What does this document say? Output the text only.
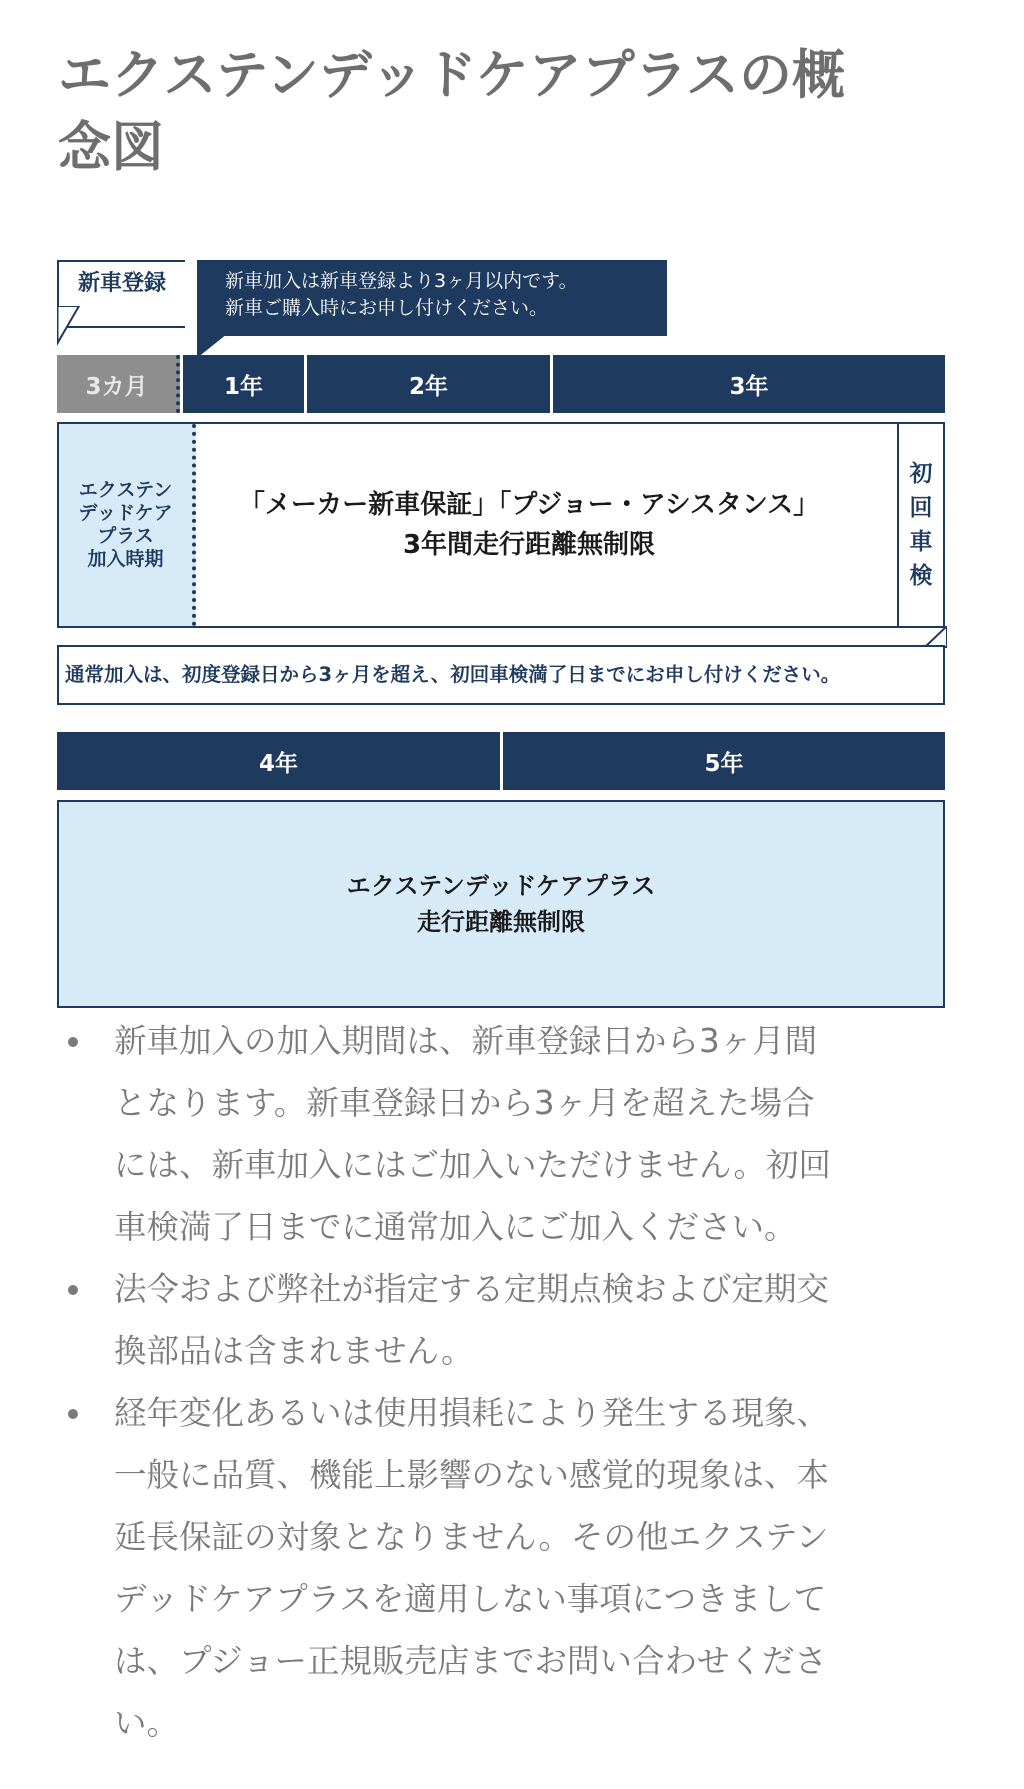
エクステンデッドケアプラスの概
念図
新車登録	新車加入は新車登録より3ヶ月以内です。
新車ご購入時にお申し付けください。
3カ月	1年	2年	3年
エクステン
デッドケア
プラス
加入時期
「メーカー新車保証」「プジョー・アシスタンス」
3年間走行距離無制限
初
回
車
検
通常加入は、初度登録日から3ヶ月を超え、初回車検満了日までにお申し付けください。
4年	5年
エクステンデッドケアプラス
走行距離無制限
新車加入の加入期間は、新車登録日から3ヶ月間
となります。新車登録日から3ヶ月を超えた場合
には、新車加入にはご加入いただけません。初回
車検満了日までに通常加入にご加入ください。
法令および弊社が指定する定期点検および定期交
換部品は含まれません。
経年変化あるいは使用損耗により発生する現象、
一般に品質、機能上影響のない感覚的現象は、本
延長保証の対象となりません。その他エクステン
デッドケアプラスを適用しない事項につきまして
は、プジョー正規販売店までお問い合わせくださ
い。
